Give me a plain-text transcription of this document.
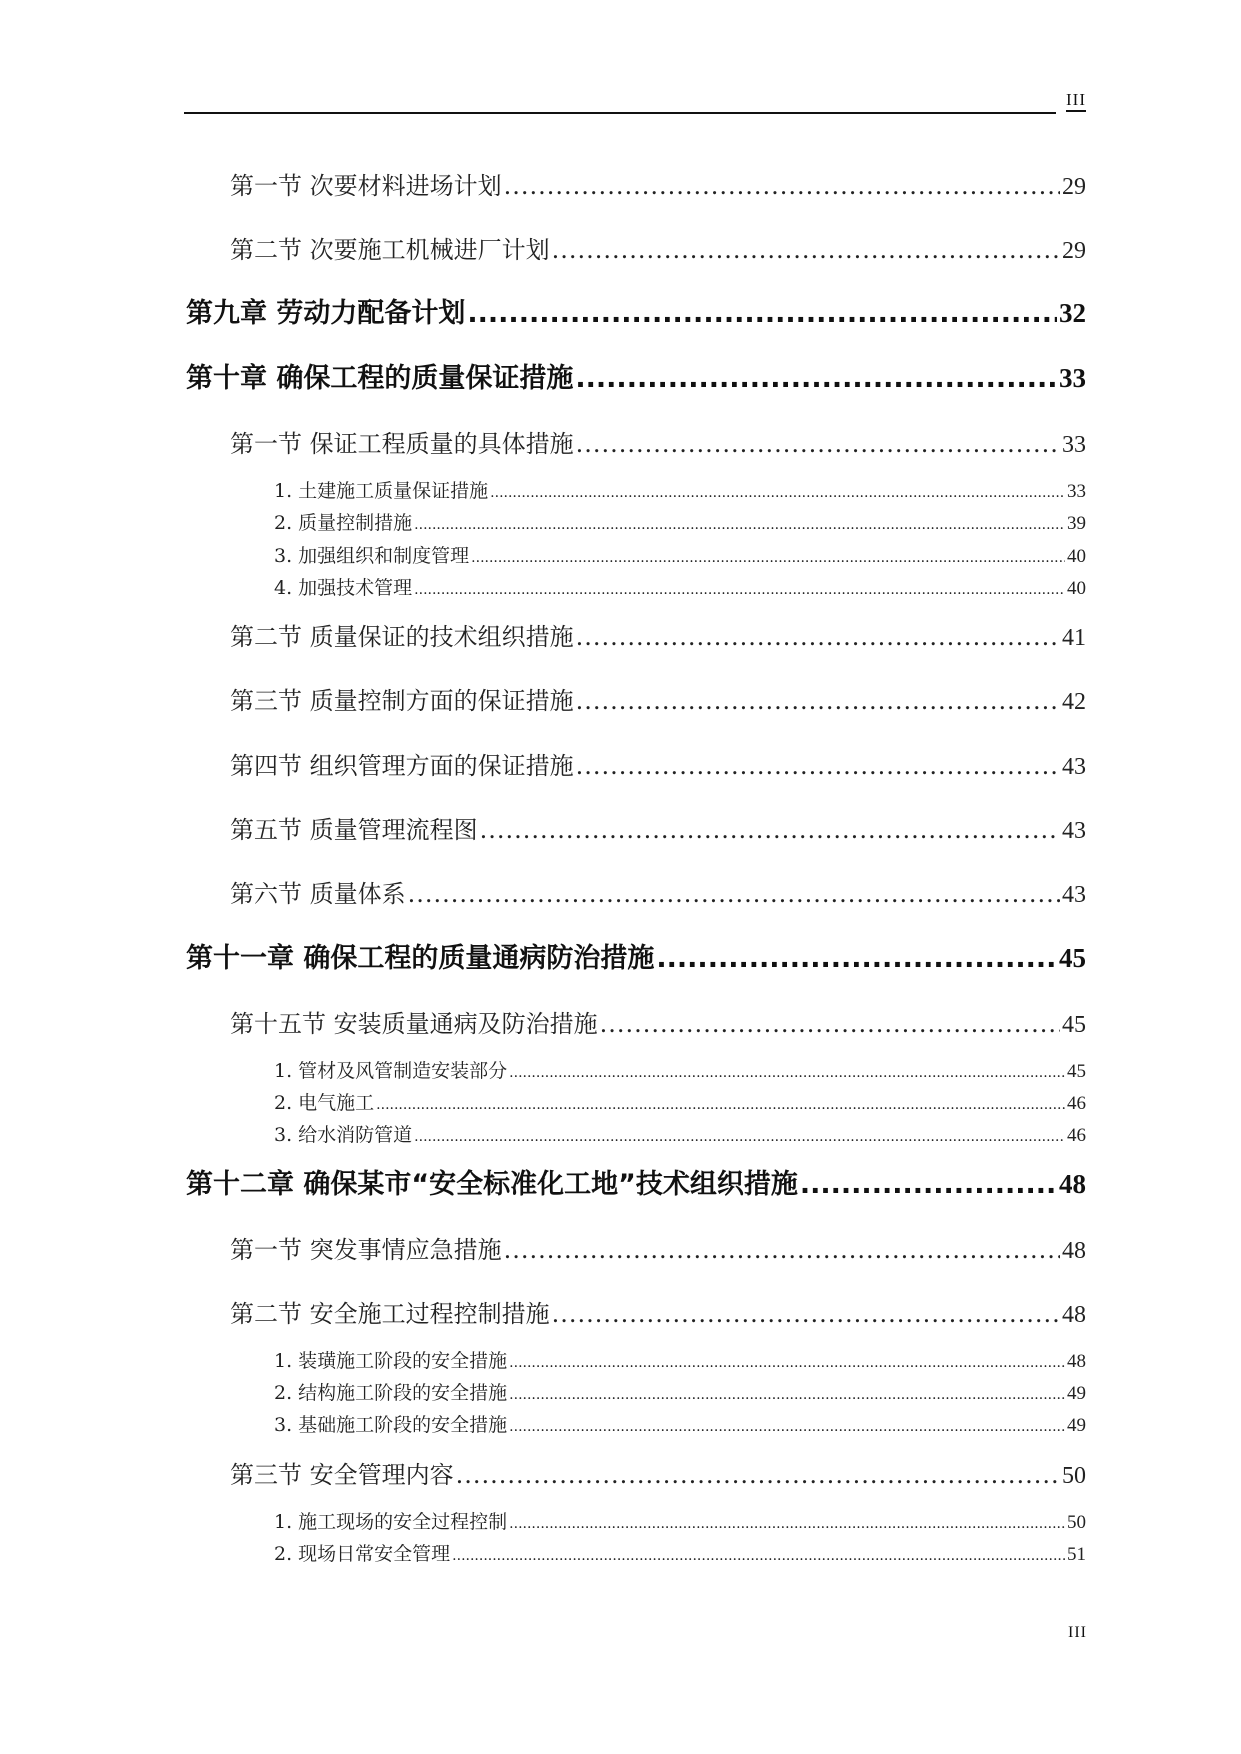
III
第一节 次要材料进场计划 .....	29
第二节 次要施工机械进厂计划 .....	29
第九章 劳动力配备计划 .....	32
第十章 确保工程的质量保证措施 .....	33
第一节 保证工程质量的具体措施 .....	33
1. 土建施工质量保证措施 .....	33
2. 质量控制措施 .....	39
3. 加强组织和制度管理 .....	40
4. 加强技术管理 .....	40
第二节 质量保证的技术组织措施 .....	41
第三节 质量控制方面的保证措施 .....	42
第四节 组织管理方面的保证措施 .....	43
第五节 质量管理流程图 .....	43
第六节 质量体系 .....	43
第十一章 确保工程的质量通病防治措施 .....	45
第十五节 安装质量通病及防治措施 .....	45
1. 管材及风管制造安装部分 .....	45
2. 电气施工 .....	46
3. 给水消防管道 .....	46
第十二章 确保某市“安全标准化工地”技术组织措施 .....	48
第一节 突发事情应急措施 .....	48
第二节 安全施工过程控制措施 .....	48
1. 装璜施工阶段的安全措施 .....	48
2. 结构施工阶段的安全措施 .....	49
3. 基础施工阶段的安全措施 .....	49
第三节 安全管理内容 .....	50
1. 施工现场的安全过程控制 .....	50
2. 现场日常安全管理 .....	51
III
